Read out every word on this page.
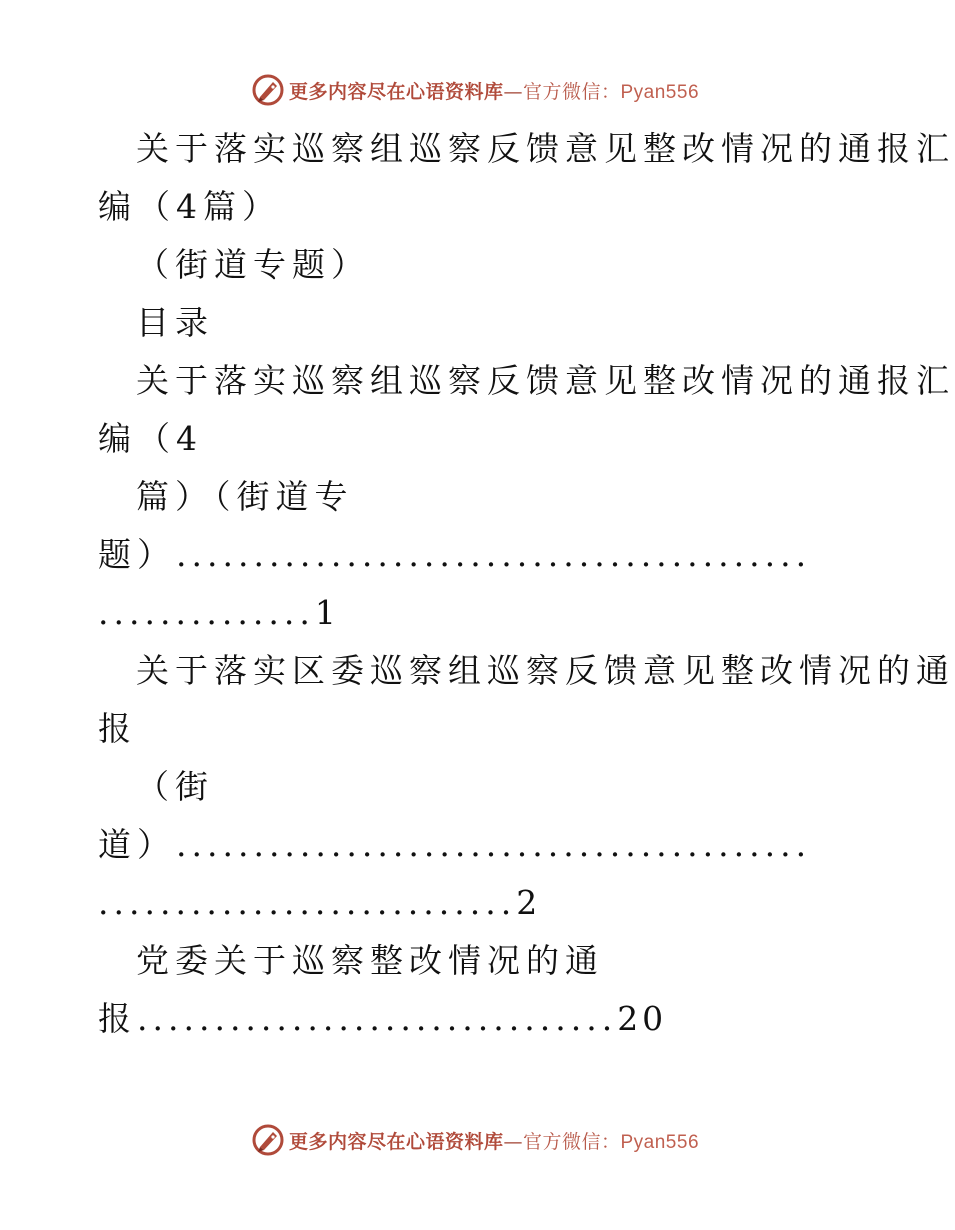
更多内容尽在心语资料库—官方微信：Pyan556
关于落实巡察组巡察反馈意见整改情况的通报汇
编（4篇）
（街道专题）
目录
关于落实巡察组巡察反馈意见整改情况的通报汇
编（4
篇）（街道专
题）.........................................
..............1
关于落实区委巡察组巡察反馈意见整改情况的通
报
（街
道）.........................................
...........................2
党委关于巡察整改情况的通
报...............................20
更多内容尽在心语资料库—官方微信：Pyan556
